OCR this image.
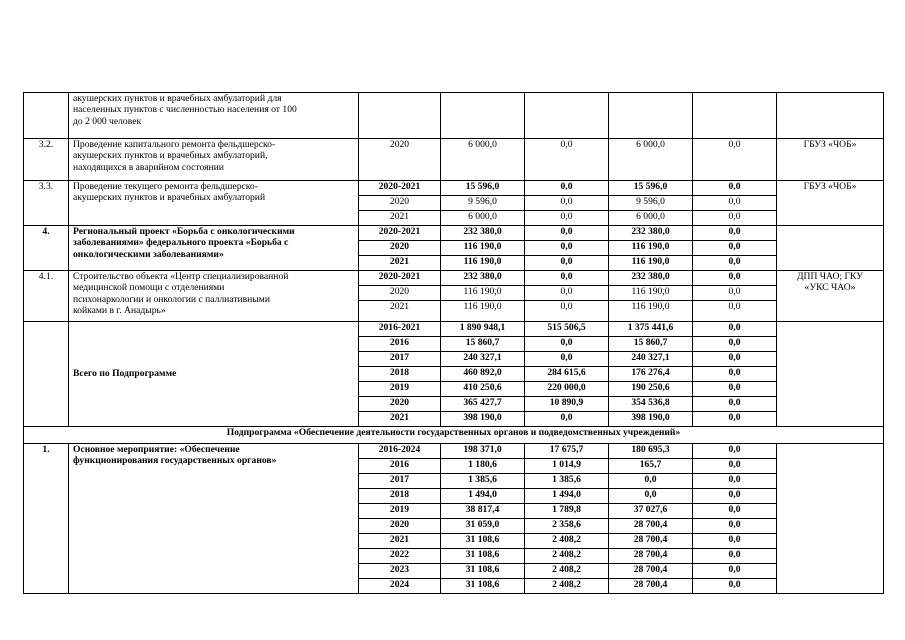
	акушерских пунктов и врачебных амбулаторий для
населенных пунктов с численностью населения от 100
до 2 000 человек						

3.2.	Проведение капитального ремонта фельдшерско-
акушерских пунктов и врачебных амбулаторий,
находящихся в аварийном состоянии	2020	6 000,0	0,0	6 000,0	0,0	ГБУЗ «ЧОБ»
3.3.	Проведение текущего ремонта фельдшерско-
акушерских пунктов и врачебных амбулаторий	2020-2021	15 596,0	0,0	15 596,0	0,0	ГБУЗ «ЧОБ»
		2020	9 596,0	0,0	9 596,0	0,0	
		2021	6 000,0	0,0	6 000,0	0,0	
4.	Региональный проект «Борьба с онкологическими
заболеваниями» федерального проекта «Борьба с
онкологическими заболеваниями»	2020-2021	232 380,0	0,0	232 380,0	0,0	
		2020	116 190,0	0,0	116 190,0	0,0	
		2021	116 190,0	0,0	116 190,0	0,0	
4.1.	Строительство объекта «Центр специализированной
медицинской помощи с отделениями
психонаркологии и онкологии с паллиативными
койками в г. Анадырь»	2020-2021	232 380,0	0,0	232 380,0	0,0	ДПП ЧАО; ГКУ
«УКС ЧАО»

		2020	116 190,0	0,0	116 190,0	0,0	
		2021	116 190,0	0,0	116 190,0	0,0	
	Всего по Подпрограмме	2016-2021	1 890 948,1	515 506,5	1 375 441,6	0,0	
		2016	15 860,7	0,0	15 860,7	0,0	
		2017	240 327,1	0,0	240 327,1	0,0	
		2018	460 892,0	284 615,6	176 276,4	0,0	
		2019	410 250,6	220 000,0	190 250,6	0,0	
		2020	365 427,7	10 890,9	354 536,8	0,0	
		2021	398 190,0	0,0	398 190,0	0,0	
Подпрограмма «Обеспечение деятельности государственных органов и подведомственных учреждений»							
1.	Основное мероприятие: «Обеспечение
функционирования государственных органов»	2016-2024	198 371,0	17 675,7	180 695,3	0,0	
		2016	1 180,6	1 014,9	165,7	0,0	
		2017	1 385,6	1 385,6	0,0	0,0	
		2018	1 494,0	1 494,0	0,0	0,0	
		2019	38 817,4	1 789,8	37 027,6	0,0	
		2020	31 059,0	2 358,6	28 700,4	0,0	
		2021	31 108,6	2 408,2	28 700,4	0,0	
		2022	31 108,6	2 408,2	28 700,4	0,0	
		2023	31 108,6	2 408,2	28 700,4	0,0	
		2024	31 108,6	2 408,2	28 700,4	0,0	
